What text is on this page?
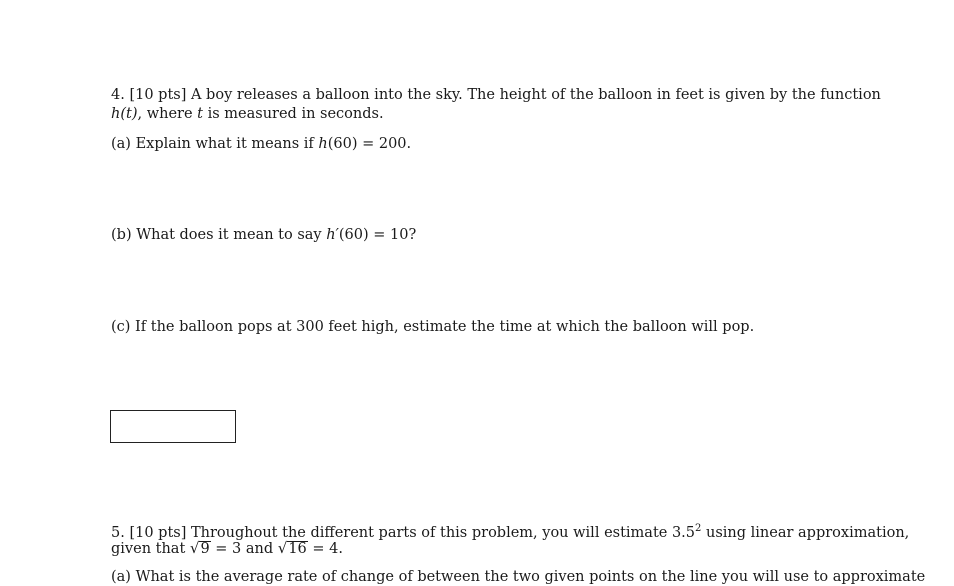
4. [10 pts] A boy releases a balloon into the sky. The height of the balloon in feet is given by the function
h(t), where t is measured in seconds.
(a) Explain what it means if h(60) = 200.
(b) What does it mean to say h′(60) = 10?
(c) If the balloon pops at 300 feet high, estimate the time at which the balloon will pop.
5. [10 pts] Throughout the different parts of this problem, you will estimate $3.5^2$ using linear approximation,
given that √9 = 3 and √16 = 4.
(a) What is the average rate of change of between the two given points on the line you will use to approximate
